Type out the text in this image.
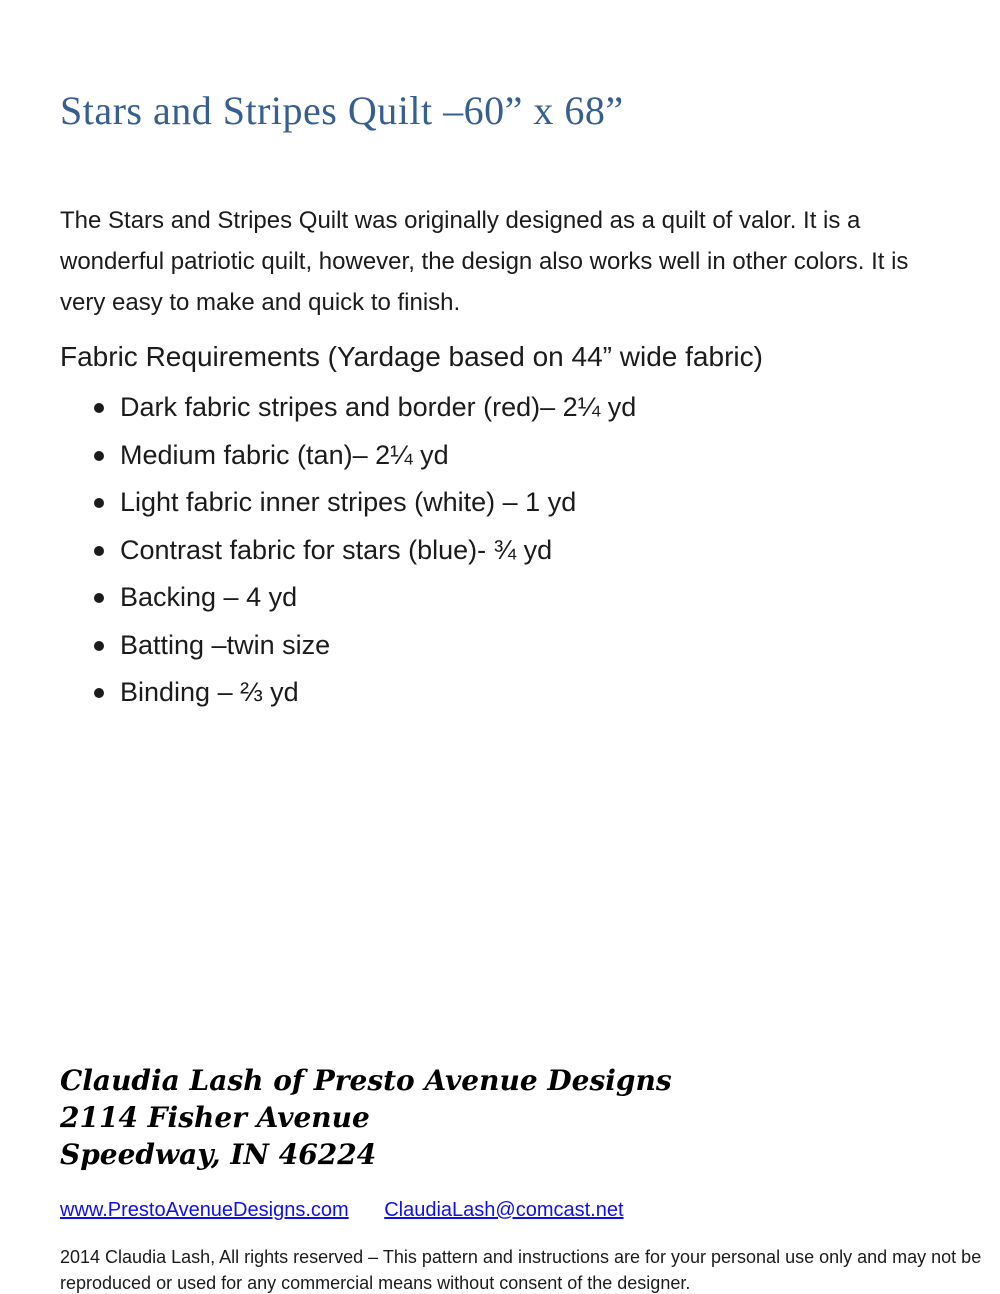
Stars and Stripes Quilt –60” x 68”

The Stars and Stripes Quilt was originally designed as a quilt of valor. It is a wonderful patriotic quilt, however, the design also works well in other colors. It is very easy to make and quick to finish.

Fabric Requirements (Yardage based on 44” wide fabric)
Dark fabric stripes and border (red)– 2¼ yd
Medium fabric (tan)– 2¼ yd
Light fabric inner stripes (white) – 1 yd
Contrast fabric for stars (blue)- ¾ yd
Backing – 4 yd
Batting –twin size
Binding – ⅔ yd
Claudia Lash of Presto Avenue Designs
2114 Fisher Avenue
Speedway, IN 46224
www.PrestoAvenueDesigns.com ClaudiaLash@comcast.net

2014 Claudia Lash, All rights reserved – This pattern and instructions are for your personal use only and may not be reproduced or used for any commercial means without consent of the designer.
